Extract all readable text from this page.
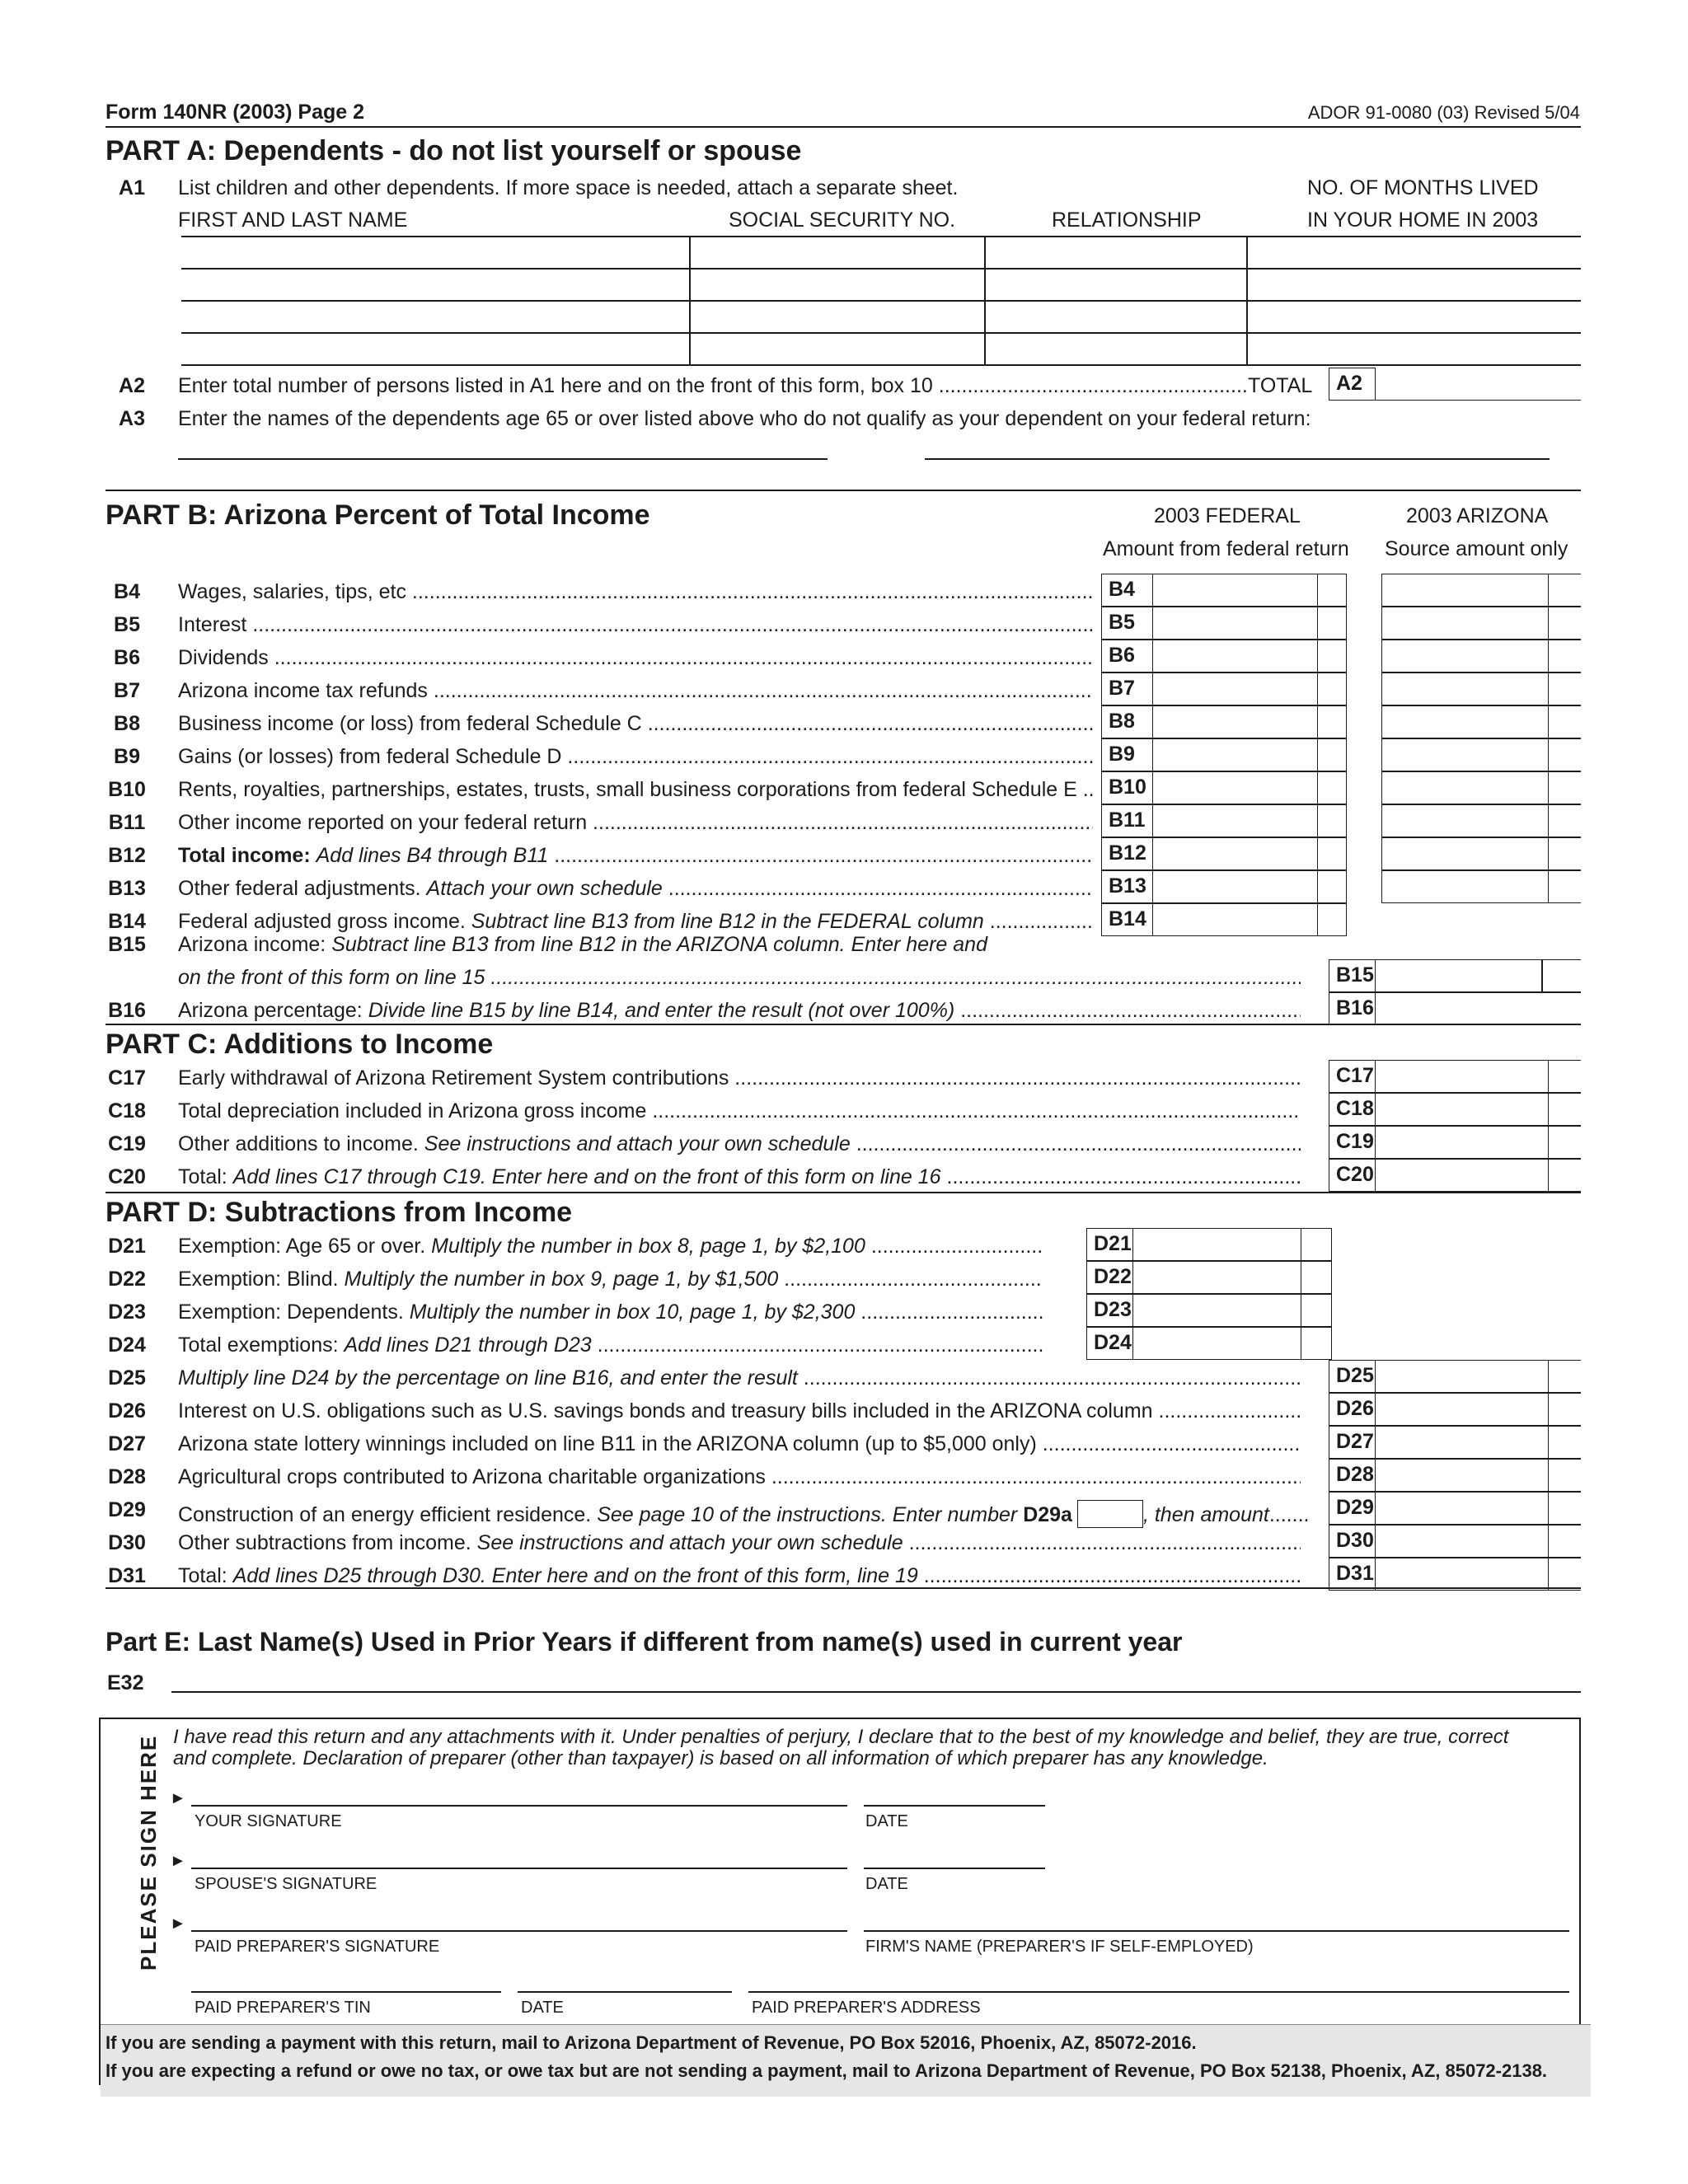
Form 140NR (2003) Page 2	ADOR 91-0080 (03) Revised 5/04
PART A: Dependents - do not list yourself or spouse
A1	List children and other dependents. If more space is needed, attach a separate sheet.	NO. OF MONTHS LIVED
FIRST AND LAST NAME	SOCIAL SECURITY NO.	RELATIONSHIP	IN YOUR HOME IN 2003
A2	Enter total number of persons listed in A1 here and on the front of this form, box 10 .....	TOTAL	A2
A3	Enter the names of the dependents age 65 or over listed above who do not qualify as your dependent on your federal return:
PART B: Arizona Percent of Total Income	2003 FEDERAL
Amount from federal return
2003 ARIZONA
Source amount only
B4	Wages, salaries, tips, etc .....	B4
B5	Interest .....	B5
B6	Dividends .....	B6
B7	Arizona income tax refunds .....	B7
B8	Business income (or loss) from federal Schedule C .....	B8
B9	Gains (or losses) from federal Schedule D .....	B9
B10 Rents, royalties, partnerships, estates, trusts, small business corporations from federal Schedule E .....	B10
B11	Other income reported on your federal return .....	B11
B12 Total income: Add lines B4 through B11 .....	B12
B13 Other federal adjustments. Attach your own schedule .....	B13
B14 Federal adjusted gross income. Subtract line B13 from line B12 in the FEDERAL column .....	B14
B15 Arizona income: Subtract line B13 from line B12 in the ARIZONA column. Enter here and
on the front of this form on line 15 .....	B15
B16 Arizona percentage: Divide line B15 by line B14, and enter the result (not over 100%) .....	B16
PART C: Additions to Income
C17 Early withdrawal of Arizona Retirement System contributions .....	C17
C18 Total depreciation included in Arizona gross income .....	C18
C19 Other additions to income. See instructions and attach your own schedule .....	C19
C20 Total: Add lines C17 through C19. Enter here and on the front of this form on line 16 .....	C20
PART D: Subtractions from Income
D21 Exemption: Age 65 or over. Multiply the number in box 8, page 1, by $2,100 .....	D21
D22 Exemption: Blind. Multiply the number in box 9, page 1, by $1,500 .....	D22
D23 Exemption: Dependents. Multiply the number in box 10, page 1, by $2,300 .....	D23
D24 Total exemptions: Add lines D21 through D23 .....	D24
D25 Multiply line D24 by the percentage on line B16, and enter the result .....	D25
D26 Interest on U.S. obligations such as U.S. savings bonds and treasury bills included in the ARIZONA column .....	D26
D27 Arizona state lottery winnings included on line B11 in the ARIZONA column (up to $5,000 only) .....	D27
D28 Agricultural crops contributed to Arizona charitable organizations .....	D28
D29 Construction of an energy efficient residence. See page 10 of the instructions. Enter number D29a	, then amount.......	D29
D30 Other subtractions from income. See instructions and attach your own schedule .....	D30
D31 Total: Add lines D25 through D30. Enter here and on the front of this form, line 19 .....	D31
Part E: Last Name(s) Used in Prior Years if different from name(s) used in current year
E32
PLEASE SIGN HERE I have read this return and any attachments with it. Under penalties of perjury, I declare that to the best of my knowledge and belief, they are true, correct
and complete. Declaration of preparer (other than taxpayer) is based on all information of which preparer has any knowledge.
►
YOUR SIGNATURE	DATE
►
SPOUSE'S SIGNATURE	DATE
►
PAID PREPARER'S SIGNATURE	FIRM'S NAME (PREPARER'S IF SELF-EMPLOYED)
PAID PREPARER'S TIN	DATE	PAID PREPARER'S ADDRESS
If you are sending a payment with this return, mail to Arizona Department of Revenue, PO Box 52016, Phoenix, AZ, 85072-2016.
If you are expecting a refund or owe no tax, or owe tax but are not sending a payment, mail to Arizona Department of Revenue, PO Box 52138, Phoenix, AZ, 85072-2138.
